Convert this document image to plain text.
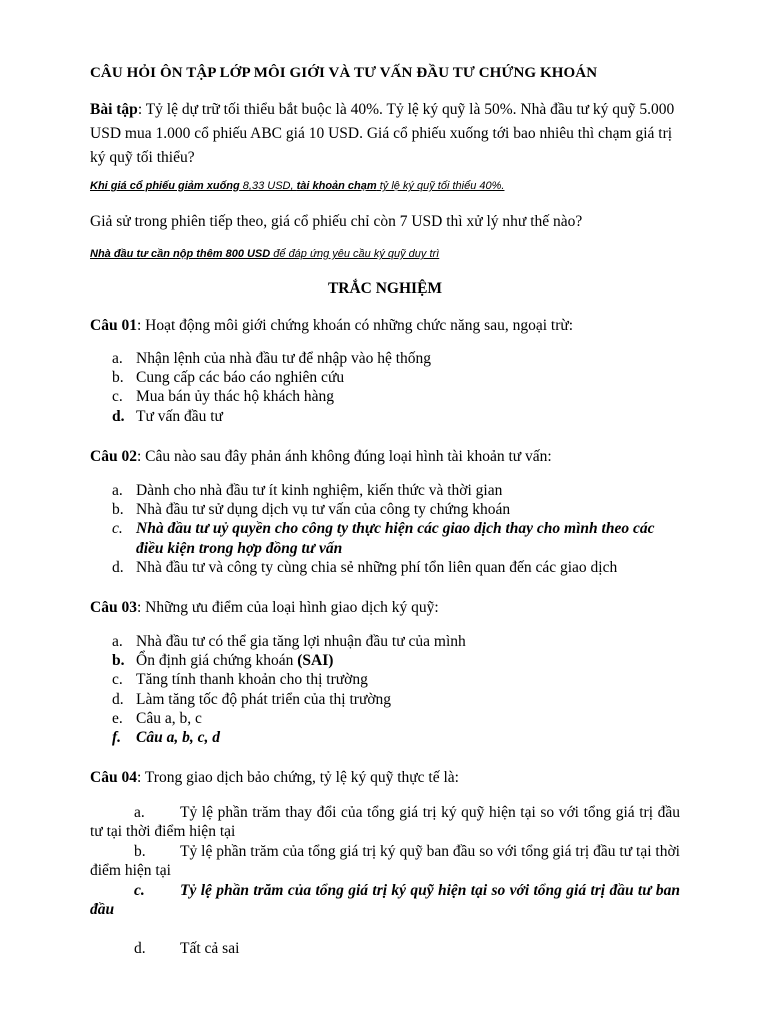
CÂU HỎI ÔN TẬP LỚP MÔI GIỚI VÀ TƯ VẤN ĐẦU TƯ CHỨNG KHOÁN
Bài tập: Tỷ lệ dự trữ tối thiểu bắt buộc là 40%. Tỷ lệ ký quỹ là 50%. Nhà đầu tư ký quỹ 5.000 USD mua 1.000 cổ phiếu ABC giá 10 USD. Giá cổ phiếu xuống tới bao nhiêu thì chạm giá trị ký quỹ tối thiểu?
Khi giá cổ phiếu giảm xuống 8,33 USD, tài khoản chạm tỷ lệ ký quỹ tối thiểu 40%.
Giả sử trong phiên tiếp theo, giá cổ phiếu chỉ còn 7 USD thì xử lý như thế nào?
Nhà đầu tư cần nộp thêm 800 USD để đáp ứng yêu cầu ký quỹ duy trì
TRẮC NGHIỆM
Câu 01: Hoạt động môi giới chứng khoán có những chức năng sau, ngoại trừ:
a. Nhận lệnh của nhà đầu tư để nhập vào hệ thống
b. Cung cấp các báo cáo nghiên cứu
c. Mua bán ủy thác hộ khách hàng
d. Tư vấn đầu tư
Câu 02: Câu nào sau đây phản ánh không đúng loại hình tài khoản tư vấn:
a. Dành cho nhà đầu tư ít kinh nghiệm, kiến thức và thời gian
b. Nhà đầu tư sử dụng dịch vụ tư vấn của công ty chứng khoán
c. Nhà đầu tư uỷ quyền cho công ty thực hiện các giao dịch thay cho mình theo các điều kiện trong hợp đồng tư vấn
d. Nhà đầu tư và công ty cùng chia sẻ những phí tổn liên quan đến các giao dịch
Câu 03: Những ưu điểm của loại hình giao dịch ký quỹ:
a. Nhà đầu tư có thể gia tăng lợi nhuận đầu tư của mình
b. Ổn định giá chứng khoán (SAI)
c. Tăng tính thanh khoản cho thị trường
d. Làm tăng tốc độ phát triển của thị trường
e. Câu a, b, c
f. Câu a, b, c, d
Câu 04: Trong giao dịch bảo chứng, tỷ lệ ký quỹ thực tế là:
a. Tỷ lệ phần trăm thay đổi của tổng giá trị ký quỹ hiện tại so với tổng giá trị đầu tư tại thời điểm hiện tại
b. Tỷ lệ phần trăm của tổng giá trị ký quỹ ban đầu so với tổng giá trị đầu tư tại thời điểm hiện tại
c. Tỷ lệ phần trăm của tổng giá trị ký quỹ hiện tại so với tổng giá trị đầu tư ban đầu
d. Tất cả sai
